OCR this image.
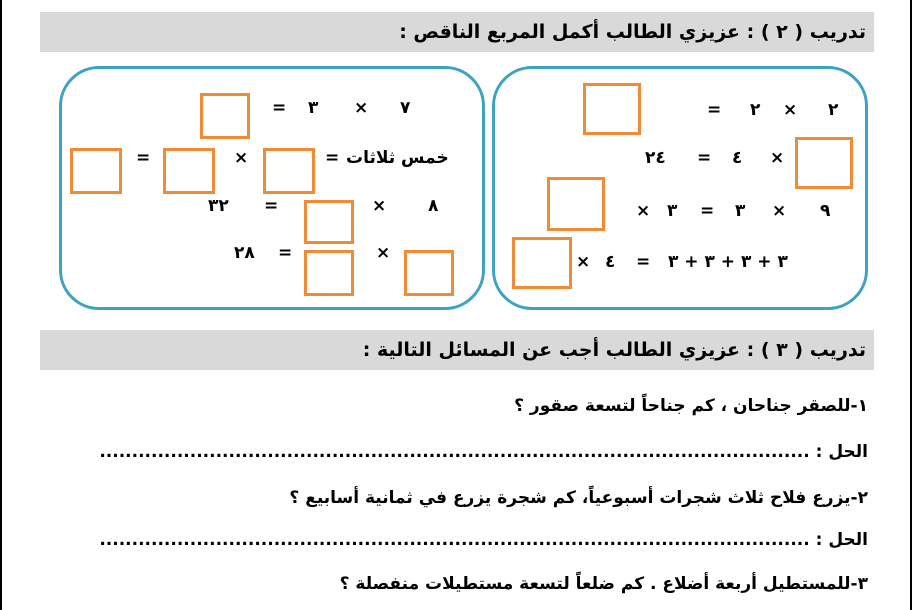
تدريب ( ٢ ) : عزيزي الطالب أكمل المربع الناقص :
= ٢ × ٢
٢٤ = ٤ ×
× ٣ = ٣ × ٩
× ٤ = ٣ + ٣ + ٣ + ٣
= ٣ × ٧
=	×	= خمس ثلاثات
٣٢ =	× ٨
٢٨ =	×
تدريب ( ٣ ) : عزيزي الطالب أجب عن المسائل التالية :
١-للصقر جناحان ، كم جناحاً لتسعة صقور ؟
الحل : ..............................................................................................................
٢-يزرع فلاح ثلاث شجرات أسبوعياً، كم شجرة يزرع في ثمانية أسابيع ؟
الحل : ..............................................................................................................
٣-للمستطيل أربعة أضلاع . كم ضلعاً لتسعة مستطيلات منفصلة ؟
